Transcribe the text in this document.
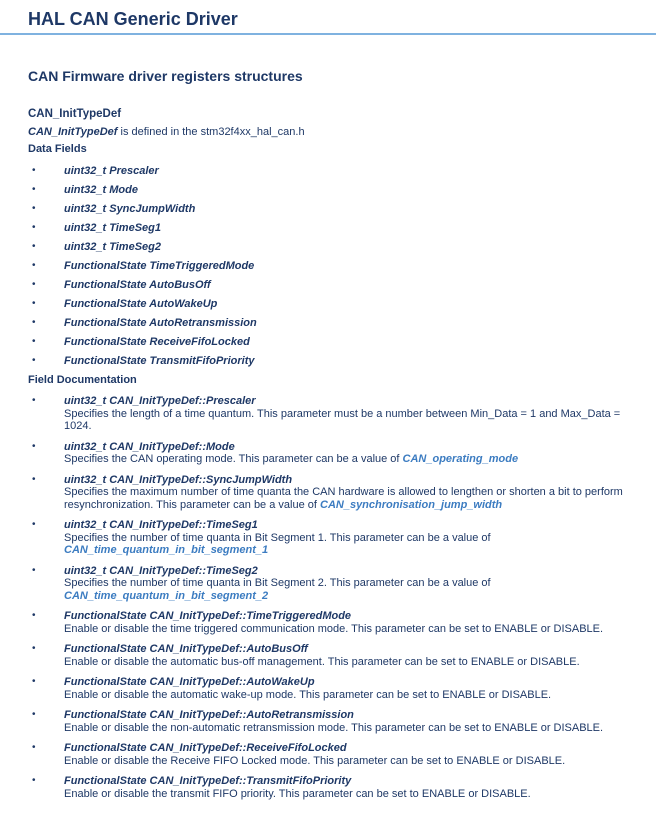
HAL CAN Generic Driver
CAN Firmware driver registers structures
CAN_InitTypeDef

CAN_InitTypeDef is defined in the stm32f4xx_hal_can.h

Data Fields
•	uint32_t Prescaler
•	uint32_t Mode
•	uint32_t SyncJumpWidth
•	uint32_t TimeSeg1
•	uint32_t TimeSeg2
•	FunctionalState TimeTriggeredMode
•	FunctionalState AutoBusOff
•	FunctionalState AutoWakeUp
•	FunctionalState AutoRetransmission
•	FunctionalState ReceiveFifoLocked
•	FunctionalState TransmitFifoPriority
Field Documentation
•	uint32_t CAN_InitTypeDef::Prescaler
Specifies the length of a time quantum. This parameter must be a number between Min_Data = 1 and Max_Data = 1024.
•	uint32_t CAN_InitTypeDef::Mode
Specifies the CAN operating mode. This parameter can be a value of CAN_operating_mode
•	uint32_t CAN_InitTypeDef::SyncJumpWidth
Specifies the maximum number of time quanta the CAN hardware is allowed to lengthen or shorten a bit to perform resynchronization. This parameter can be a value of CAN_synchronisation_jump_width
•	uint32_t CAN_InitTypeDef::TimeSeg1
Specifies the number of time quanta in Bit Segment 1. This parameter can be a value of CAN_time_quantum_in_bit_segment_1
•	uint32_t CAN_InitTypeDef::TimeSeg2
Specifies the number of time quanta in Bit Segment 2. This parameter can be a value of CAN_time_quantum_in_bit_segment_2
•	FunctionalState CAN_InitTypeDef::TimeTriggeredMode
Enable or disable the time triggered communication mode. This parameter can be set to ENABLE or DISABLE.
•	FunctionalState CAN_InitTypeDef::AutoBusOff
Enable or disable the automatic bus-off management. This parameter can be set to ENABLE or DISABLE.
•	FunctionalState CAN_InitTypeDef::AutoWakeUp
Enable or disable the automatic wake-up mode. This parameter can be set to ENABLE or DISABLE.
•	FunctionalState CAN_InitTypeDef::AutoRetransmission
Enable or disable the non-automatic retransmission mode. This parameter can be set to ENABLE or DISABLE.
•	FunctionalState CAN_InitTypeDef::ReceiveFifoLocked
Enable or disable the Receive FIFO Locked mode. This parameter can be set to ENABLE or DISABLE.
•	FunctionalState CAN_InitTypeDef::TransmitFifoPriority
Enable or disable the transmit FIFO priority. This parameter can be set to ENABLE or DISABLE.
